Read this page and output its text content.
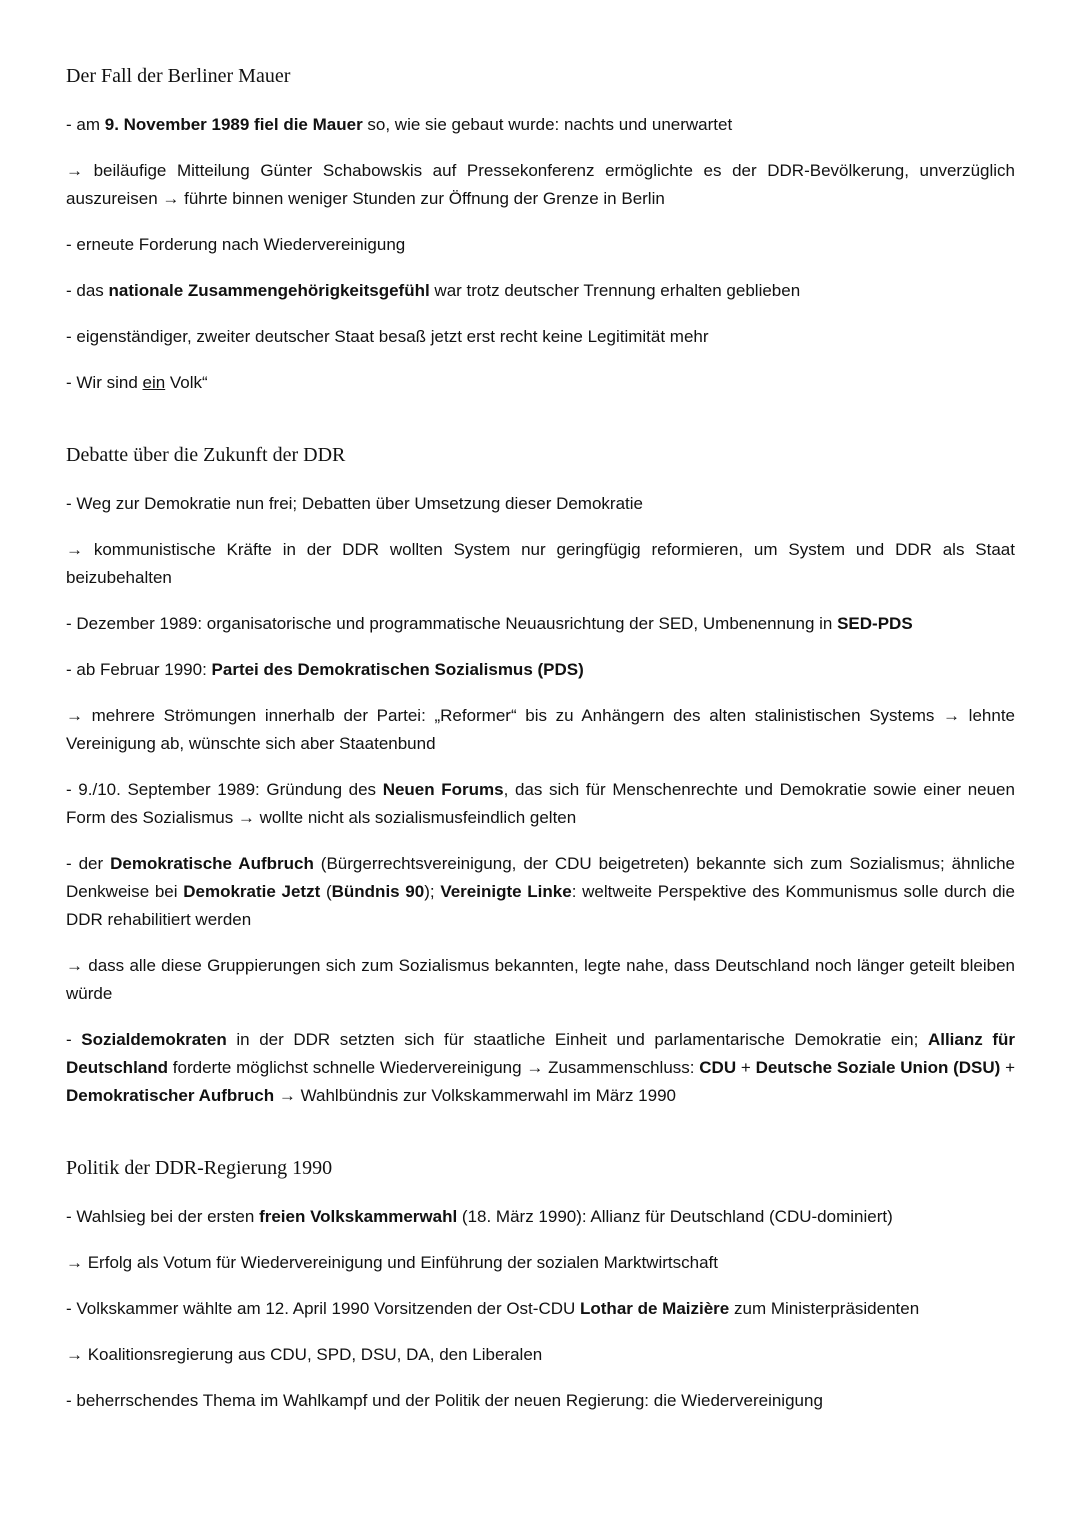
Der Fall der Berliner Mauer

- am 9. November 1989 fiel die Mauer so, wie sie gebaut wurde: nachts und unerwartet

→ beiläufige Mitteilung Günter Schabowskis auf Pressekonferenz ermöglichte es der DDR-Bevölkerung, unverzüglich auszureisen → führte binnen weniger Stunden zur Öffnung der Grenze in Berlin

- erneute Forderung nach Wiedervereinigung

- das nationale Zusammengehörigkeitsgefühl war trotz deutscher Trennung erhalten geblieben

- eigenständiger, zweiter deutscher Staat besaß jetzt erst recht keine Legitimität mehr

- Wir sind ein Volk“

Debatte über die Zukunft der DDR

- Weg zur Demokratie nun frei; Debatten über Umsetzung dieser Demokratie

→ kommunistische Kräfte in der DDR wollten System nur geringfügig reformieren, um System und DDR als Staat beizubehalten

- Dezember 1989: organisatorische und programmatische Neuausrichtung der SED, Umbenennung in SED-PDS

- ab Februar 1990: Partei des Demokratischen Sozialismus (PDS)

→ mehrere Strömungen innerhalb der Partei: „Reformer“ bis zu Anhängern des alten stalinistischen Systems → lehnte Vereinigung ab, wünschte sich aber Staatenbund

- 9./10. September 1989: Gründung des Neuen Forums, das sich für Menschenrechte und Demokratie sowie einer neuen Form des Sozialismus → wollte nicht als sozialismusfeindlich gelten

- der Demokratische Aufbruch (Bürgerrechtsvereinigung, der CDU beigetreten) bekannte sich zum Sozialismus; ähnliche Denkweise bei Demokratie Jetzt (Bündnis 90); Vereinigte Linke: weltweite Perspektive des Kommunismus solle durch die DDR rehabilitiert werden

→ dass alle diese Gruppierungen sich zum Sozialismus bekannten, legte nahe, dass Deutschland noch länger geteilt bleiben würde

- Sozialdemokraten in der DDR setzten sich für staatliche Einheit und parlamentarische Demokratie ein; Allianz für Deutschland forderte möglichst schnelle Wiedervereinigung → Zusammenschluss: CDU + Deutsche Soziale Union (DSU) + Demokratischer Aufbruch → Wahlbündnis zur Volkskammerwahl im März 1990

Politik der DDR-Regierung 1990

- Wahlsieg bei der ersten freien Volkskammerwahl (18. März 1990): Allianz für Deutschland (CDU-dominiert)

→ Erfolg als Votum für Wiedervereinigung und Einführung der sozialen Marktwirtschaft

- Volkskammer wählte am 12. April 1990 Vorsitzenden der Ost-CDU Lothar de Maizière zum Ministerpräsidenten

→ Koalitionsregierung aus CDU, SPD, DSU, DA, den Liberalen

- beherrschendes Thema im Wahlkampf und der Politik der neuen Regierung: die Wiedervereinigung
